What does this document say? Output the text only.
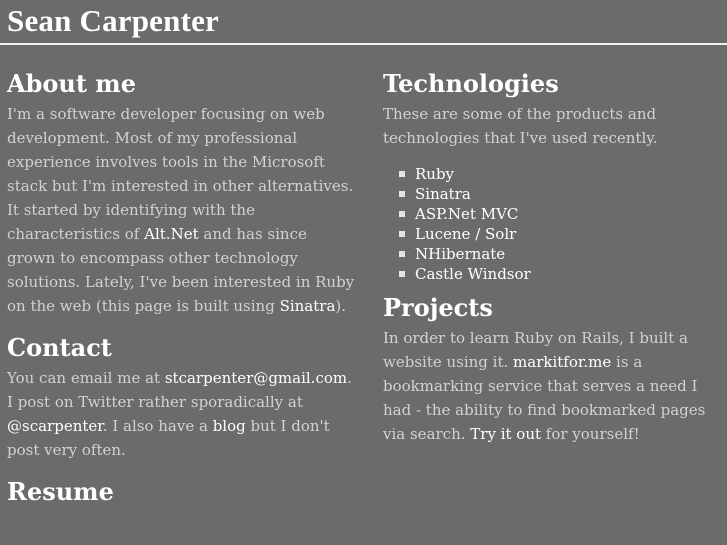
Sean Carpenter
About me

I'm a software developer focusing on web development. Most of my professional experience involves tools in the Microsoft stack but I'm interested in other alternatives. It started by identifying with the characteristics of Alt.Net and has since grown to encompass other technology solutions. Lately, I've been interested in Ruby on the web (this page is built using Sinatra).

Contact

You can email me at stcarpenter@gmail.com. I post on Twitter rather sporadically at @scarpenter. I also have a blog but I don't post very often.

Resume
Technologies

These are some of the products and technologies that I've used recently.

Ruby
Sinatra
ASP.Net MVC
Lucene / Solr
NHibernate
Castle Windsor
Projects

In order to learn Ruby on Rails, I built a website using it. markitfor.me is a bookmarking service that serves a need I had - the ability to find bookmarked pages via search. Try it out for yourself!
